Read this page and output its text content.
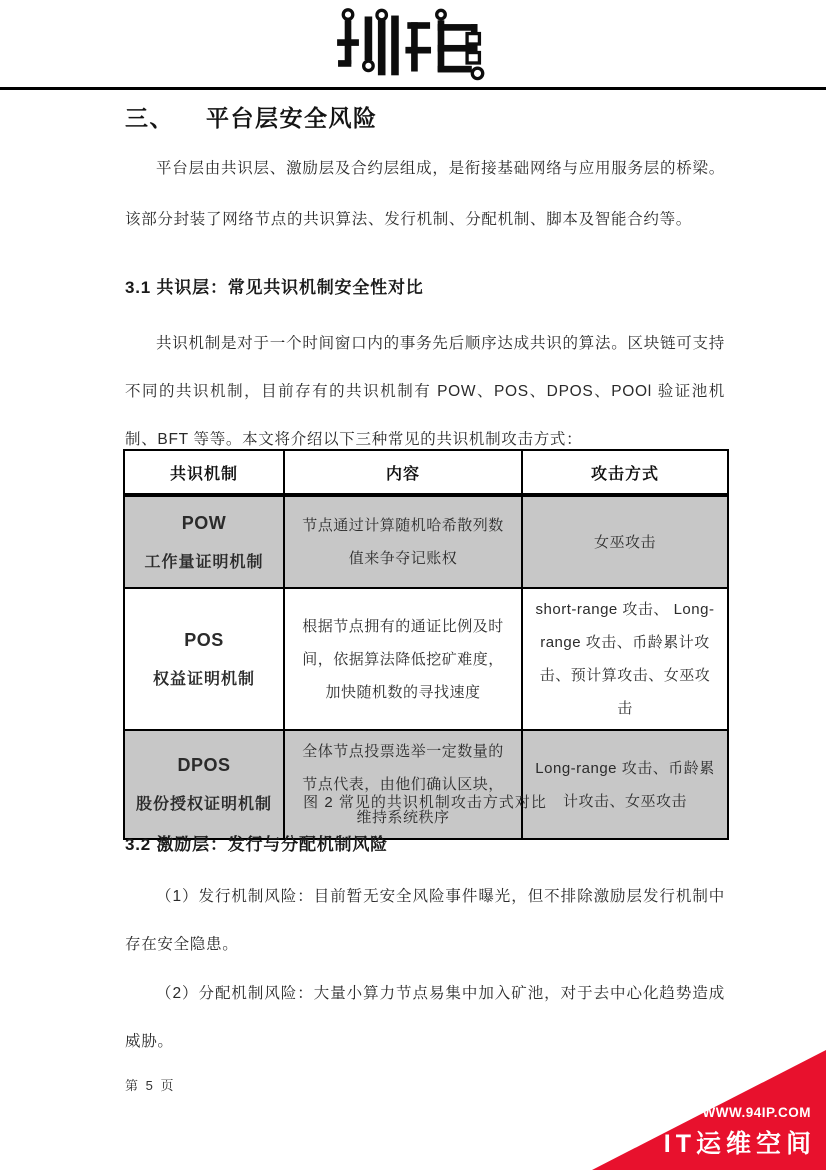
三、 平台层安全风险

平台层由共识层、激励层及合约层组成，是衔接基础网络与应用服务层的桥梁。该部分封装了网络节点的共识算法、发行机制、分配机制、脚本及智能合约等。

3.1 共识层：常见共识机制安全性对比

共识机制是对于一个时间窗口内的事务先后顺序达成共识的算法。区块链可支持不同的共识机制，目前存有的共识机制有 POW、POS、DPOS、POOl 验证池机制、BFT 等等。本文将介绍以下三种常见的共识机制攻击方式：

共识机制	内容	攻击方式

POW
工作量证明机制	节点通过计算随机哈希散列数值来争夺记账权	女巫攻击

POS
权益证明机制	根据节点拥有的通证比例及时间，依据算法降低挖矿难度，加快随机数的寻找速度	short-range 攻击、 Long-range 攻击、币龄累计攻击、预计算攻击、女巫攻击

DPOS
股份授权证明机制	全体节点投票选举一定数量的节点代表，由他们确认区块，维持系统秩序	Long-range 攻击、币龄累计攻击、女巫攻击
图 2 常见的共识机制攻击方式对比
3.2 激励层：发行与分配机制风险

（1）发行机制风险：目前暂无安全风险事件曝光，但不排除激励层发行机制中存在安全隐患。

（2）分配机制风险：大量小算力节点易集中加入矿池，对于去中心化趋势造成威胁。

第 5 页
WWW.94IP.COM
IT运维空间
